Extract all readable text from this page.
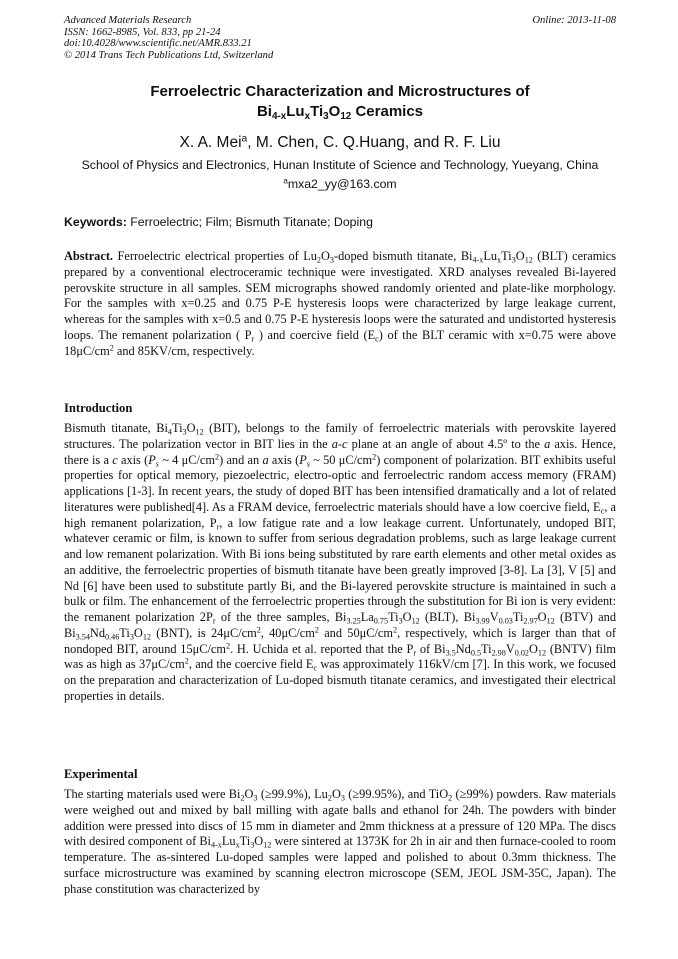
Advanced Materials Research
ISSN: 1662-8985, Vol. 833, pp 21-24
doi:10.4028/www.scientific.net/AMR.833.21
© 2014 Trans Tech Publications Ltd, Switzerland
Online: 2013-11-08
Ferroelectric Characterization and Microstructures of
$Bi_{4-x}Lu_xTi_3O_{12}$ Ceramics
X. A. Mei$^a$, M. Chen, C. Q.Huang, and R. F. Liu
School of Physics and Electronics, Hunan Institute of Science and Technology, Yueyang, China
$^a$mxa2_yy@163.com
Keywords: Ferroelectric; Film; Bismuth Titanate; Doping
Abstract. Ferroelectric electrical properties of $Lu_2O_3$-doped bismuth titanate, $Bi_{4-x}Lu_xTi_3O_{12}$ (BLT) ceramics prepared by a conventional electroceramic technique were investigated. XRD analyses revealed Bi-layered perovskite structure in all samples. SEM micrographs showed randomly oriented and plate-like morphology. For the samples with x=0.25 and 0.75 P-E hysteresis loops were characterized by large leakage current, whereas for the samples with x=0.5 and 0.75 P-E hysteresis loops were the saturated and undistorted hysteresis loops. The remanent polarization ( $P_r$ ) and coercive field $(E_c)$ of the BLT ceramic with x=0.75 were above $18\mu C/cm^2$ and 85KV/cm, respectively.
Introduction
Bismuth titanate, $Bi_4Ti_3O_{12}$ (BIT), belongs to the family of ferroelectric materials with perovskite layered structures. The polarization vector in BIT lies in the a-c plane at an angle of about 4.5º to the a axis. Hence, there is a c axis ($P_s$ ~ 4 $\mu C/cm^2$) and an a axis ($P_s$ ~ 50 $\mu C/cm^2$) component of polarization. BIT exhibits useful properties for optical memory, piezoelectric, electro-optic and ferroelectric random access memory (FRAM) applications [1-3]. In recent years, the study of doped BIT has been intensified dramatically and a lot of related literatures were published[4]. As a FRAM device, ferroelectric materials should have a low coercive field, $E_c$, a high remanent polarization, $P_r$, a low fatigue rate and a low leakage current. Unfortunately, undoped BIT, whatever ceramic or film, is known to suffer from serious degradation problems, such as large leakage current and low remanent polarization. With Bi ions being substituted by rare earth elements and other metal oxides as an additive, the ferroelectric properties of bismuth titanate have been greatly improved [3-8]. La [3], V [5] and Nd [6] have been used to substitute partly Bi, and the Bi-layered perovskite structure is maintained in such a bulk or film. The enhancement of the ferroelectric properties through the substitution for Bi ion is very evident: the remanent polarization $2P_r$ of the three samples, $Bi_{3.25}La_{0.75}Ti_3O_{12}$ (BLT), $Bi_{3.99}V_{0.03}Ti_{2.97}O_{12}$ (BTV) and $Bi_{3.54}Nd_{0.46}Ti_3O_{12}$ (BNT), is $24\mu C/cm^2$, $40\mu C/cm^2$ and $50\mu C/cm^2$, respectively, which is larger than that of nondoped BIT, around $15\mu C/cm^2$. H. Uchida et al. reported that the $P_r$ of $Bi_{3.5}Nd_{0.5}Ti_{2.98}V_{0.02}O_{12}$ (BNTV) film was as high as $37\mu C/cm^2$, and the coercive field $E_c$ was approximately 116kV/cm [7]. In this work, we focused on the preparation and characterization of Lu-doped bismuth titanate ceramics, and investigated their electrical properties in details.
Experimental
The starting materials used were $Bi_2O_3$ (≥99.9%), $Lu_2O_3$ (≥99.95%), and TiO$_2$ (≥99%) powders. Raw materials were weighed out and mixed by ball milling with agate balls and ethanol for 24h. The powders with binder addition were pressed into discs of 15 mm in diameter and 2mm thickness at a pressure of 120 MPa. The discs with desired component of $Bi_{4-x}Lu_xTi_3O_{12}$ were sintered at 1373K for 2h in air and then furnace-cooled to room temperature. The as-sintered Lu-doped samples were lapped and polished to about 0.3mm thickness. The surface microstructure was examined by scanning electron microscope (SEM, JEOL JSM-35C, Japan). The phase constitution was characterized by
